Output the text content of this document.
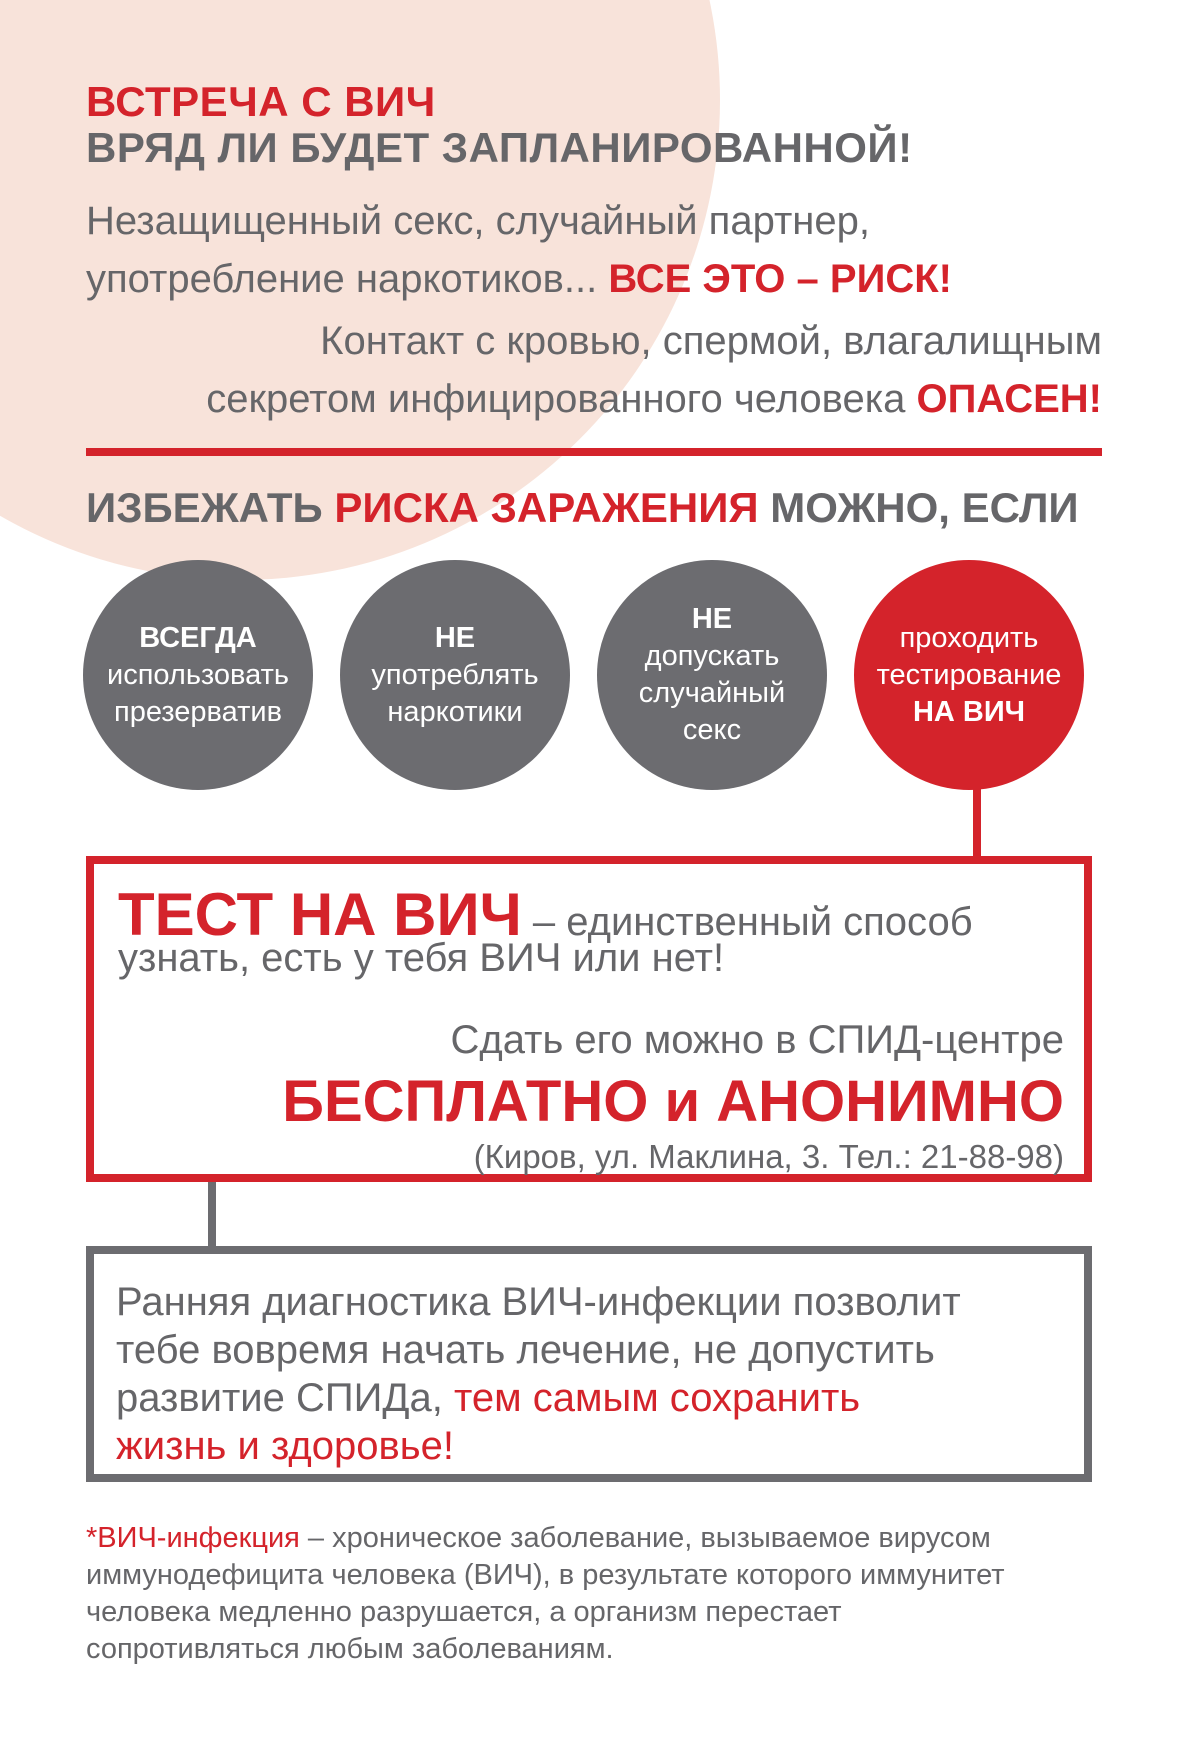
ВСТРЕЧА С ВИЧ
ВРЯД ЛИ БУДЕТ ЗАПЛАНИРОВАННОЙ!
Незащищенный секс, случайный партнер,
употребление наркотиков... ВСЕ ЭТО – РИСК!
Контакт с кровью, спермой, влагалищным
секретом инфицированного человека ОПАСЕН!
ИЗБЕЖАТЬ РИСКА ЗАРАЖЕНИЯ МОЖНО, ЕСЛИ
ВСЕГДА
использовать
презерватив
НЕ
употреблять
наркотики
НЕ
допускать
случайный
секс
проходить
тестирование
НА ВИЧ
ТЕСТ НА ВИЧ – единственный способ
узнать, есть у тебя ВИЧ или нет!
Сдать его можно в СПИД-центре
БЕСПЛАТНО и АНОНИМНО
(Киров, ул. Маклина, 3. Тел.: 21-88-98)
Ранняя диагностика ВИЧ-инфекции позволит
тебе вовремя начать лечение, не допустить
развитие СПИДа, тем самым сохранить
жизнь и здоровье!
*ВИЧ-инфекция – хроническое заболевание, вызываемое вирусом
иммунодефицита человека (ВИЧ), в результате которого иммунитет
человека медленно разрушается, а организм перестает
сопротивляться любым заболеваниям.
